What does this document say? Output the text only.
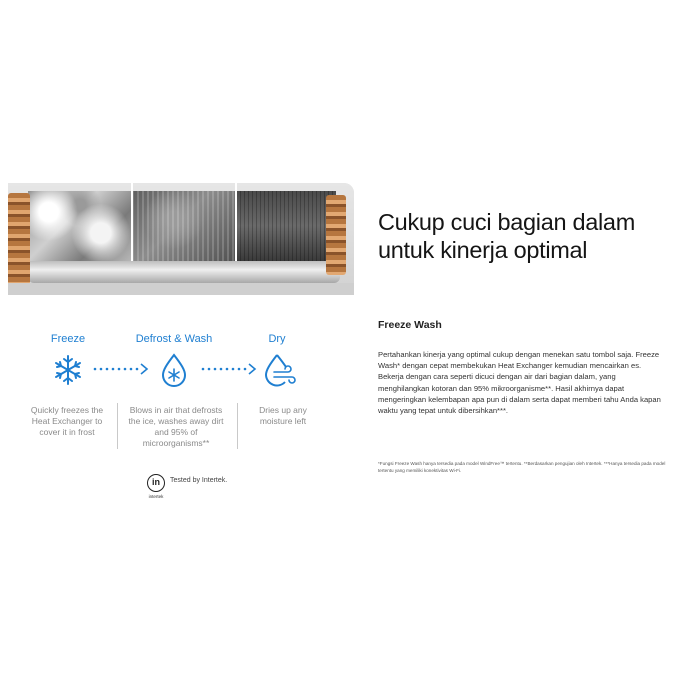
Freeze	Defrost & Wash	Dry
Quickly freezes the Heat Exchanger to cover it in frost
Blows in air that defrosts the ice, washes away dirt and 95% of microorganisms**
Dries up any moisture left
in
intertek
Tested by Intertek.
Cukup cuci bagian dalam untuk kinerja optimal
Freeze Wash
Pertahankan kinerja yang optimal cukup dengan menekan satu tombol saja. Freeze Wash* dengan cepat membekukan Heat Exchanger kemudian mencairkan es. Bekerja dengan cara seperti dicuci dengan air dari bagian dalam, yang menghilangkan kotoran dan 95% mikroorganisme**. Hasil akhirnya dapat mengeringkan kelembapan apa pun di dalam serta dapat memberi tahu Anda kapan waktu yang tepat untuk dibersihkan***.
*Fungsi Freeze Wash hanya tersedia pada model WindFree™ tertentu. **Berdasarkan pengujian oleh Intertek. ***Hanya tersedia pada model tertentu yang memiliki konektivitas Wi-Fi.
